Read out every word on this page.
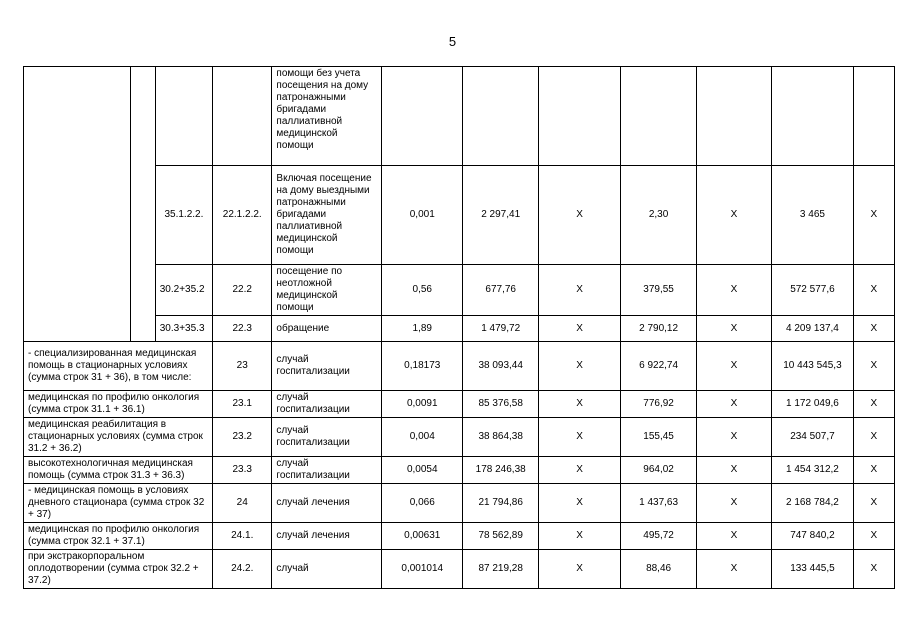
5
				помощи без учета посещения на дому патронажными бригадами паллиативной медицинской помощи							
		35.1.2.2.	22.1.2.2.	Включая посещение на дому выездными патронажными бригадами паллиативной медицинской помощи	0,001	2 297,41	Х	2,30	Х	3 465	Х
		30.2+35.2	22.2	посещение по неотложной медицинской помощи	0,56	677,76	Х	379,55	Х	572 577,6	Х
		30.3+35.3	22.3	обращение	1,89	1 479,72	Х	2 790,12	Х	4 209 137,4	Х
- специализированная медицинская помощь в стационарных условиях (сумма строк 31 + 36), в том числе:			23	случай госпитализации	0,18173	38 093,44	Х	6 922,74	Х	10 443 545,3	Х
медицинская по профилю онкология (сумма строк 31.1 + 36.1)			23.1	случай госпитализации	0,0091	85 376,58	Х	776,92	Х	1 172 049,6	Х
медицинская реабилитация в стационарных условиях (сумма строк 31.2 + 36.2)			23.2	случай госпитализации	0,004	38 864,38	Х	155,45	Х	234 507,7	Х
высокотехнологичная медицинская помощь (сумма строк 31.3 + 36.3)			23.3	случай госпитализации	0,0054	178 246,38	Х	964,02	Х	1 454 312,2	Х
- медицинская помощь в условиях дневного стационара (сумма строк 32 + 37)			24	случай лечения	0,066	21 794,86	Х	1 437,63	Х	2 168 784,2	Х
медицинская по профилю онкология (сумма строк 32.1 + 37.1)			24.1.	случай лечения	0,00631	78 562,89	Х	495,72	Х	747 840,2	Х
при экстракорпоральном оплодотворении (сумма строк 32.2 + 37.2)			24.2.	случай	0,001014	87 219,28	Х	88,46	Х	133 445,5	Х
